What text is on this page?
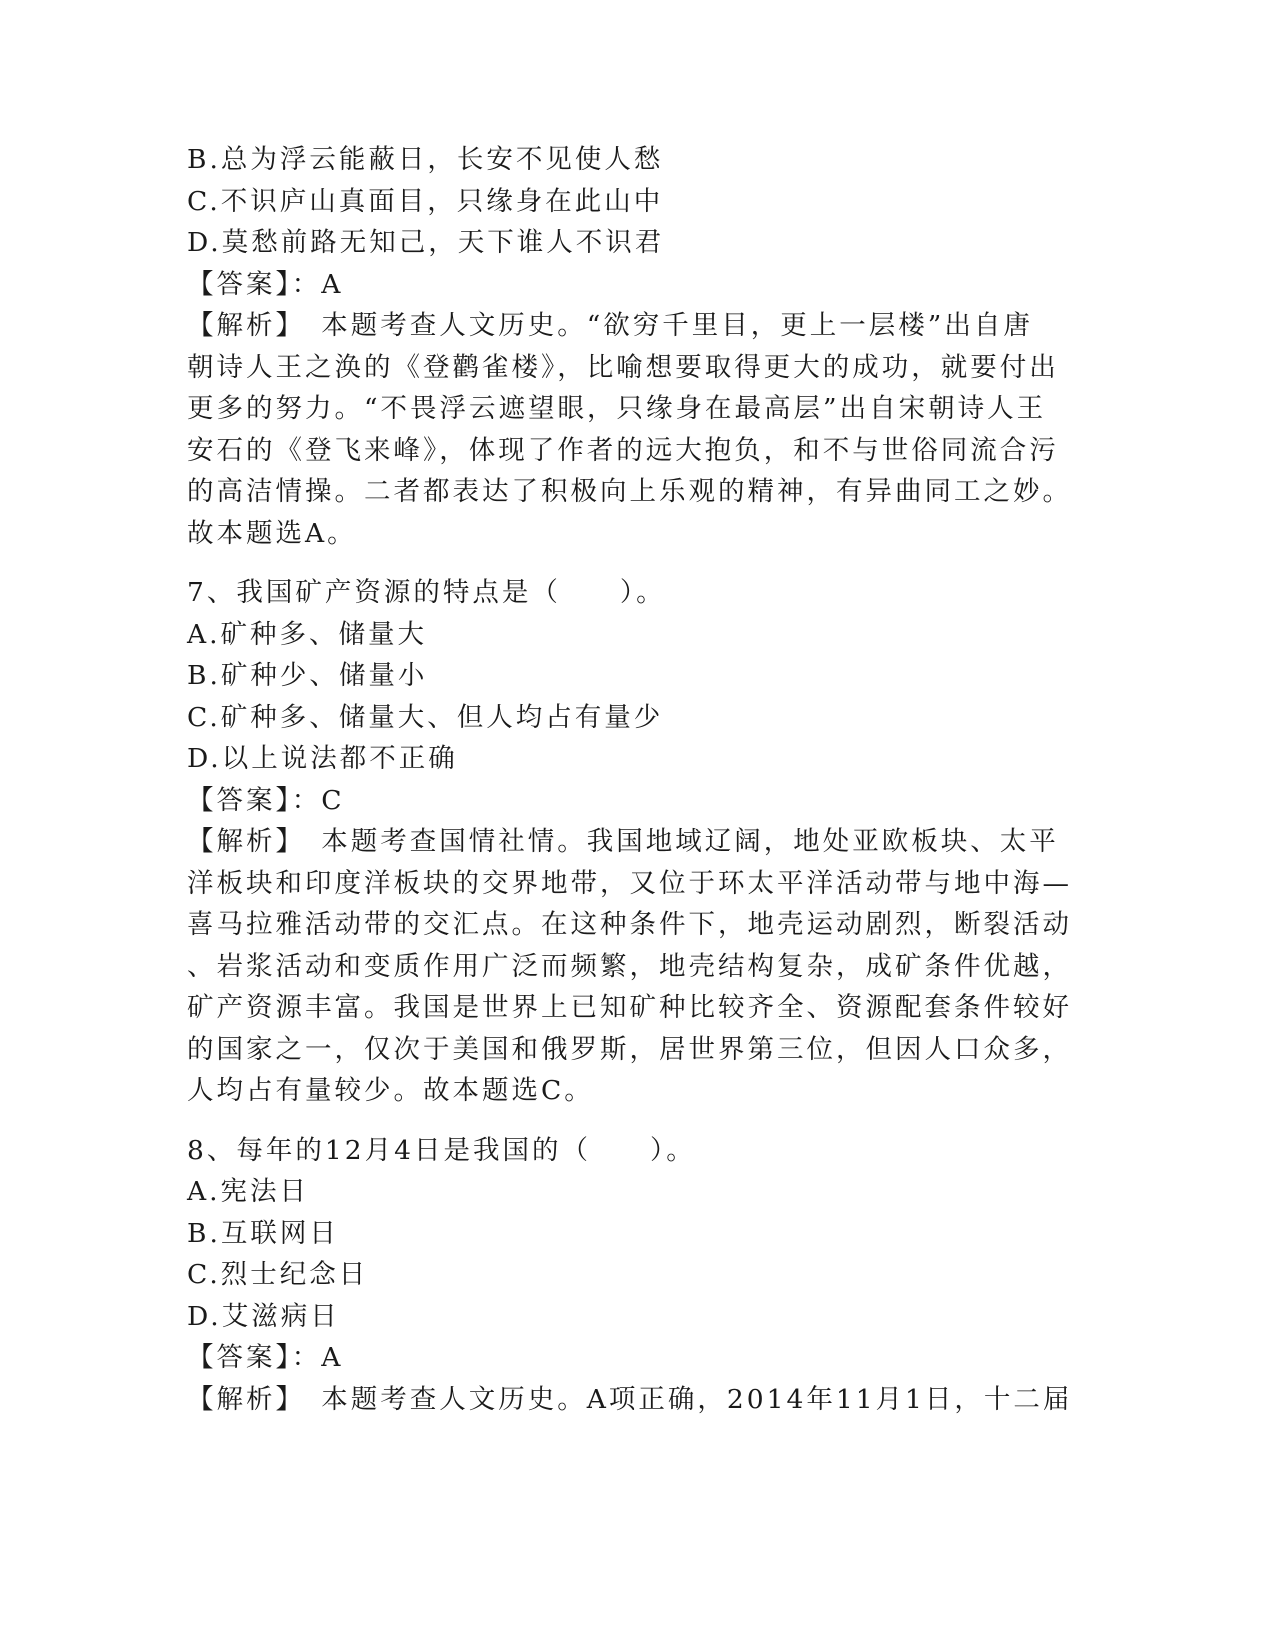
B.总为浮云能蔽日，长安不见使人愁
C.不识庐山真面目，只缘身在此山中
D.莫愁前路无知己，天下谁人不识君
【答案】：A
【解析】　本题考查人文历史。“欲穷千里目，更上一层楼”出自唐
朝诗人王之涣的《登鹳雀楼》，比喻想要取得更大的成功，就要付出
更多的努力。“不畏浮云遮望眼，只缘身在最高层”出自宋朝诗人王
安石的《登飞来峰》，体现了作者的远大抱负，和不与世俗同流合污
的高洁情操。二者都表达了积极向上乐观的精神，有异曲同工之妙。
故本题选A。
7、我国矿产资源的特点是（　　）。
A.矿种多、储量大
B.矿种少、储量小
C.矿种多、储量大、但人均占有量少
D.以上说法都不正确
【答案】：C
【解析】　本题考查国情社情。我国地域辽阔，地处亚欧板块、太平
洋板块和印度洋板块的交界地带，又位于环太平洋活动带与地中海—
喜马拉雅活动带的交汇点。在这种条件下，地壳运动剧烈，断裂活动
、岩浆活动和变质作用广泛而频繁，地壳结构复杂，成矿条件优越，
矿产资源丰富。我国是世界上已知矿种比较齐全、资源配套条件较好
的国家之一，仅次于美国和俄罗斯，居世界第三位，但因人口众多，
人均占有量较少。故本题选C。
8、每年的12月4日是我国的（　　）。
A.宪法日
B.互联网日
C.烈士纪念日
D.艾滋病日
【答案】：A
【解析】　本题考查人文历史。A项正确，2014年11月1日，十二届
